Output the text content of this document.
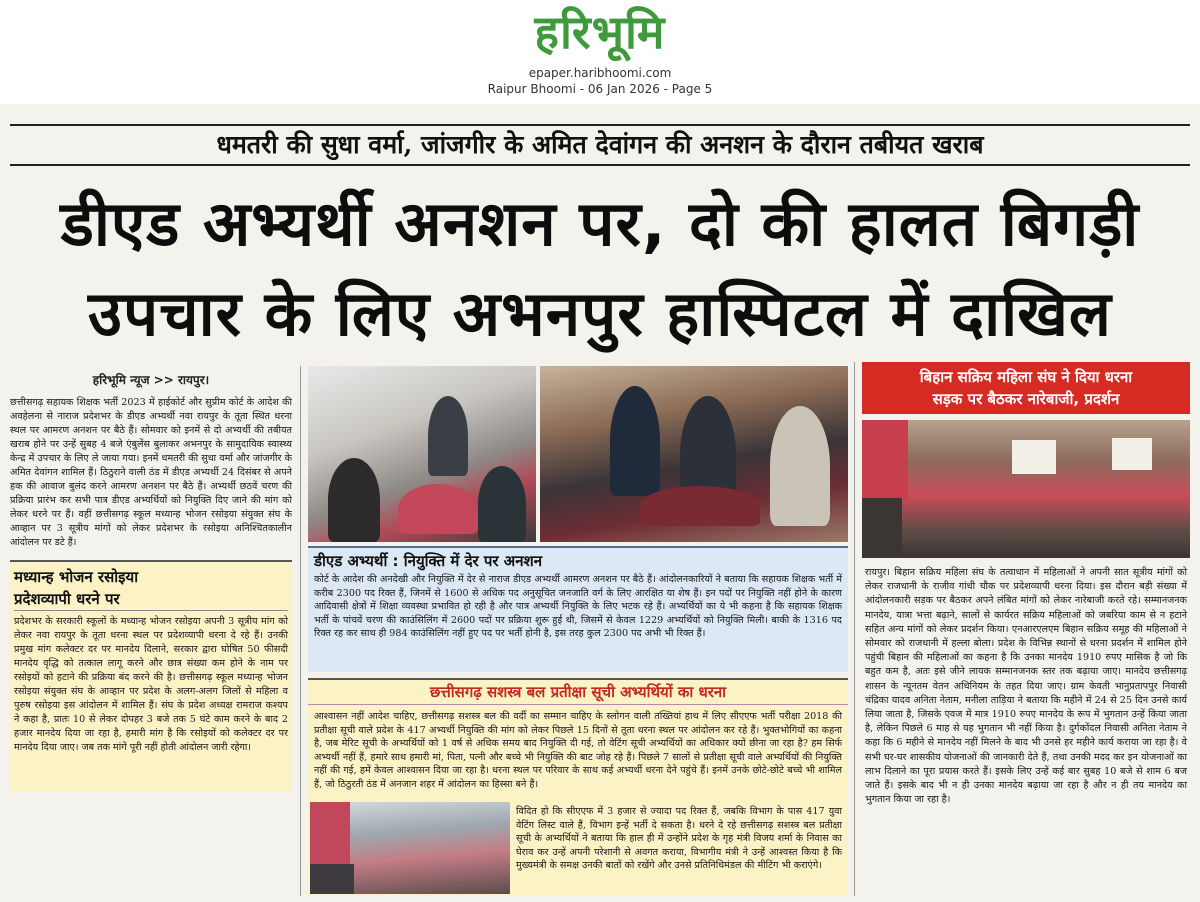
हरिभूमि
epaper.haribhoomi.com
Raipur Bhoomi - 06 Jan 2026 - Page 5
धमतरी की सुधा वर्मा, जांजगीर के अमित देवांगन की अनशन के दौरान तबीयत खराब
डीएड अभ्यर्थी अनशन पर, दो की हालत बिगड़ी
उपचार के लिए अभनपुर हास्पिटल में दाखिल
हरिभूमि न्यूज >> रायपुर।
छत्तीसगढ़ सहायक शिक्षक भर्ती 2023 में हाईकोर्ट और सुप्रीम कोर्ट के आदेश की अवहेलना से नाराज प्रदेशभर के डीएड अभ्यर्थी नवा रायपुर के तूता स्थित धरना स्थल पर आमरण अनशन पर बैठे हैं। सोमवार को इनमें से दो अभ्यर्थी की तबीयत खराब होने पर उन्हें सुबह 4 बजे एंबुलेंस बुलाकर अभनपुर के सामुदायिक स्वास्थ्य केन्द्र में उपचार के लिए ले जाया गया। इनमें धमतरी की सुधा वर्मा और जांजगीर के अमित देवांगन शामिल हैं। ठिठुराने वाली ठंड में डीएड अभ्यर्थी 24 दिसंबर से अपने हक की आवाज बुलंद करने आमरण अनशन पर बैठे हैं। अभ्यर्थी छठवें चरण की प्रक्रिया प्रारंभ कर सभी पात्र डीएड अभ्यर्थियों को नियुक्ति दिए जाने की मांग को लेकर धरने पर हैं। वहीं छत्तीसगढ़ स्कूल मध्यान्ह भोजन रसोइया संयुक्त संघ के आव्हान पर 3 सूत्रीय मांगों को लेकर प्रदेशभर के रसोइया अनिश्चितकालीन आंदोलन पर डटे हैं।
मध्यान्ह भोजन रसोइया
प्रदेशव्यापी धरने पर
प्रदेशभर के सरकारी स्कूलों के मध्यान्ह भोजन रसोइया अपनी 3 सूत्रीय मांग को लेकर नवा रायपुर के तूता धरना स्थल पर प्रदेशव्यापी धरना दे रहे हैं। उनकी प्रमुख मांग कलेक्टर दर पर मानदेय दिलाने, सरकार द्वारा घोषित 50 फीसदी मानदेय वृद्धि को तत्काल लागू करने और छात्र संख्या कम होने के नाम पर रसोइयों को हटाने की प्रक्रिया बंद करने की है। छत्तीसगढ़ स्कूल मध्यान्ह भोजन रसोइया संयुक्त संघ के आव्हान पर प्रदेश के अलग-अलग जिलों से महिला व पुरुष रसोइया इस आंदोलन में शामिल हैं। संघ के प्रदेश अध्यक्ष रामराज कश्यप ने कहा है, प्रातः 10 से लेकर दोपहर 3 बजे तक 5 घंटे काम करने के बाद 2 हजार मानदेय दिया जा रहा है, हमारी मांग है कि रसोइयों को कलेक्टर दर पर मानदेय दिया जाए। जब तक मांगें पूरी नहीं होती आंदोलन जारी रहेगा।
डीएड अभ्यर्थी : नियुक्ति में देर पर अनशन
कोर्ट के आदेश की अनदेखी और नियुक्ति में देर से नाराज डीएड अभ्यर्थी आमरण अनशन पर बैठे हैं। आंदोलनकारियों ने बताया कि सहायक शिक्षक भर्ती में करीब 2300 पद रिक्त हैं, जिनमें से 1600 से अधिक पद अनुसूचित जनजाति वर्ग के लिए आरक्षित या शेष हैं। इन पदों पर नियुक्ति नहीं होने के कारण आदिवासी क्षेत्रों में शिक्षा व्यवस्था प्रभावित हो रही है और पात्र अभ्यर्थी नियुक्ति के लिए भटक रहे हैं। अभ्यर्थियों का ये भी कहना है कि सहायक शिक्षक भर्ती के पांचवें चरण की काउंसिलिंग में 2600 पदों पर प्रक्रिया शुरू हुई थी, जिसमें से केवल 1229 अभ्यर्थियों को नियुक्ति मिली। बाकी के 1316 पद रिक्त रह कर साथ ही 984 काउंसिलिंग नहीं हुए पद पर भर्ती होनी है, इस तरह कुल 2300 पद अभी भी रिक्त हैं।
छत्तीसगढ़ सशस्त्र बल प्रतीक्षा सूची अभ्यर्थियों का धरना
आश्वासन नहीं आदेश चाहिए, छत्तीसगढ़ सशस्त्र बल की वर्दी का सम्मान चाहिए के स्लोगन वाली तख्तियां हाथ में लिए सीएएफ भर्ती परीक्षा 2018 की प्रतीक्षा सूची वाले प्रदेश के 417 अभ्यर्थी नियुक्ति की मांग को लेकर पिछले 15 दिनों से तूता धरना स्थल पर आंदोलन कर रहे हैं। भुक्तभोगियों का कहना है, जब मेरिट सूची के अभ्यर्थियों को 1 वर्ष से अधिक समय बाद नियुक्ति दी गई, तो वेटिंग सूची अभ्यर्थियों का अधिकार क्यों छीना जा रहा है? हम सिर्फ अभ्यर्थी नहीं हैं, हमारे साथ हमारी मां, पिता, पत्नी और बच्चे भी नियुक्ति की बाट जोह रहे हैं। पिछले 7 सालों से प्रतीक्षा सूची वाले अभ्यर्थियों की नियुक्ति नहीं की गई, हमें केवल आश्वासन दिया जा रहा है। धरना स्थल पर परिवार के साथ कई अभ्यर्थी धरना देने पहुंचे हैं। इनमें उनके छोटे-छोटे बच्चे भी शामिल हैं, जो ठिठुरती ठंड में अनजान शहर में आंदोलन का हिस्सा बने हैं।
विदित हो कि सीएएफ में 3 हजार से ज्यादा पद रिक्त हैं, जबकि विभाग के पास 417 युवा वेटिंग लिस्ट वाले हैं, विभाग इन्हें भर्ती दे सकता है। धरने दे रहे छत्तीसगढ़ सशस्त्र बल प्रतीक्षा सूची के अभ्यर्थियों ने बताया कि हाल ही में उन्होंने प्रदेश के गृह मंत्री विजय शर्मा के निवास का घेराव कर उन्हें अपनी परेशानी से अवगत कराया, विभागीय मंत्री ने उन्हें आश्वस्त किया है कि मुख्यमंत्री के समक्ष उनकी बातों को रखेंगे और उनसे प्रतिनिधिमंडल की मीटिंग भी कराएंगे।
बिहान सक्रिय महिला संघ ने दिया धरना
सड़क पर बैठकर नारेबाजी, प्रदर्शन
रायपुर। बिहान सक्रिय महिला संघ के तत्वाधान में महिलाओं ने अपनी सात सूत्रीय मांगों को लेकर राजधानी के राजीव गांधी चौक पर प्रदेशव्यापी धरना दिया। इस दौरान बड़ी संख्या में आंदोलनकारी सड़क पर बैठकर अपने लंबित मांगों को लेकर नारेबाजी करते रहे। सम्मानजनक मानदेय, यात्रा भत्ता बढ़ाने, सालों से कार्यरत सक्रिय महिलाओं को जबरिया काम से न हटाने सहित अन्य मांगों को लेकर प्रदर्शन किया। एनआरएलएम बिहान सक्रिय समूह की महिलाओं ने सोमवार को राजधानी में हल्ला बोला। प्रदेश के विभिन्न स्थानों से धरना प्रदर्शन में शामिल होने पहुंची बिहान की महिलाओं का कहना है कि उनका मानदेय 1910 रुपए मासिक है जो कि बहुत कम है, अतः इसे जीने लायक सम्मानजनक स्तर तक बढ़ाया जाए। मानदेय छत्तीसगढ़ शासन के न्यूनतम वेतन अधिनियम के तहत दिया जाए। ग्राम केवती भानुप्रतापपुर निवासी चंद्रिका यादव अनिता नेताम, मनीला ताड़िया ने बताया कि महीने में 24 से 25 दिन उनसे कार्य लिया जाता है, जिसके एवज में मात्र 1910 रुपए मानदेय के रूप में भुगतान उन्हें किया जाता है, लेकिन पिछले 6 माह से यह भुगतान भी नहीं किया है। दुर्गकोंदल निवासी अनिता नेताम ने कहा कि 6 महीने से मानदेय नहीं मिलने के बाद भी उनसे हर महीने कार्य कराया जा रहा है। वे सभी घर-घर शासकीय योजनाओं की जानकारी देते हैं, तथा उनकी मदद कर इन योजनाओं का लाभ दिलाने का पूरा प्रयास करते हैं। इसके लिए उन्हें कई बार सुबह 10 बजे से शाम 6 बज जाते हैं। इसके बाद भी न ही उनका मानदेय बढ़ाया जा रहा है और न ही तय मानदेय का भुगतान किया जा रहा है।
